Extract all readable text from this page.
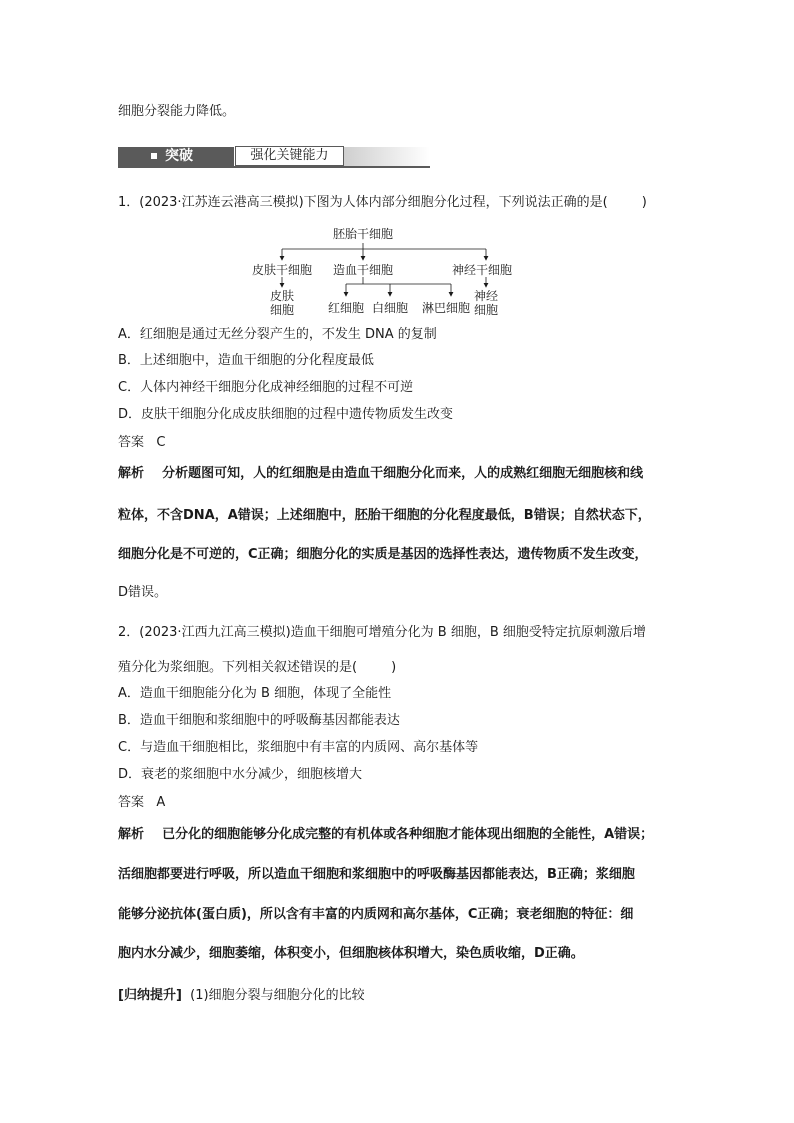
细胞分裂能力降低。
突破	强化关键能力
1．(2023·江苏连云港高三模拟)下图为人体内部分细胞分化过程，下列说法正确的是(	)
胚胎干细胞
皮肤干细胞 造血干细胞	神经干细胞
皮肤
细胞	红细胞 白细胞 淋巴细胞
神经
细胞
A．红细胞是通过无丝分裂产生的，不发生 DNA 的复制
B．上述细胞中，造血干细胞的分化程度最低
C．人体内神经干细胞分化成神经细胞的过程不可逆
D．皮肤干细胞分化成皮肤细胞的过程中遗传物质发生改变
答案 C
解析 分析题图可知，人的红细胞是由造血干细胞分化而来，人的成熟红细胞无细胞核和线
粒体，不含DNA，A错误；上述细胞中，胚胎干细胞的分化程度最低，B错误；自然状态下，
细胞分化是不可逆的，C正确；细胞分化的实质是基因的选择性表达，遗传物质不发生改变，
D错误。
2．(2023·江西九江高三模拟)造血干细胞可增殖分化为 B 细胞，B 细胞受特定抗原刺激后增
殖分化为浆细胞。下列相关叙述错误的是(	)
A．造血干细胞能分化为 B 细胞，体现了全能性
B．造血干细胞和浆细胞中的呼吸酶基因都能表达
C．与造血干细胞相比，浆细胞中有丰富的内质网、高尔基体等
D．衰老的浆细胞中水分减少，细胞核增大
答案 A
解析 已分化的细胞能够分化成完整的有机体或各种细胞才能体现出细胞的全能性，A错误；
活细胞都要进行呼吸，所以造血干细胞和浆细胞中的呼吸酶基因都能表达，B正确；浆细胞
能够分泌抗体(蛋白质)，所以含有丰富的内质网和高尔基体，C正确；衰老细胞的特征：细
胞内水分减少，细胞萎缩，体积变小，但细胞核体积增大，染色质收缩，D正确。
[归纳提升] (1)细胞分裂与细胞分化的比较
